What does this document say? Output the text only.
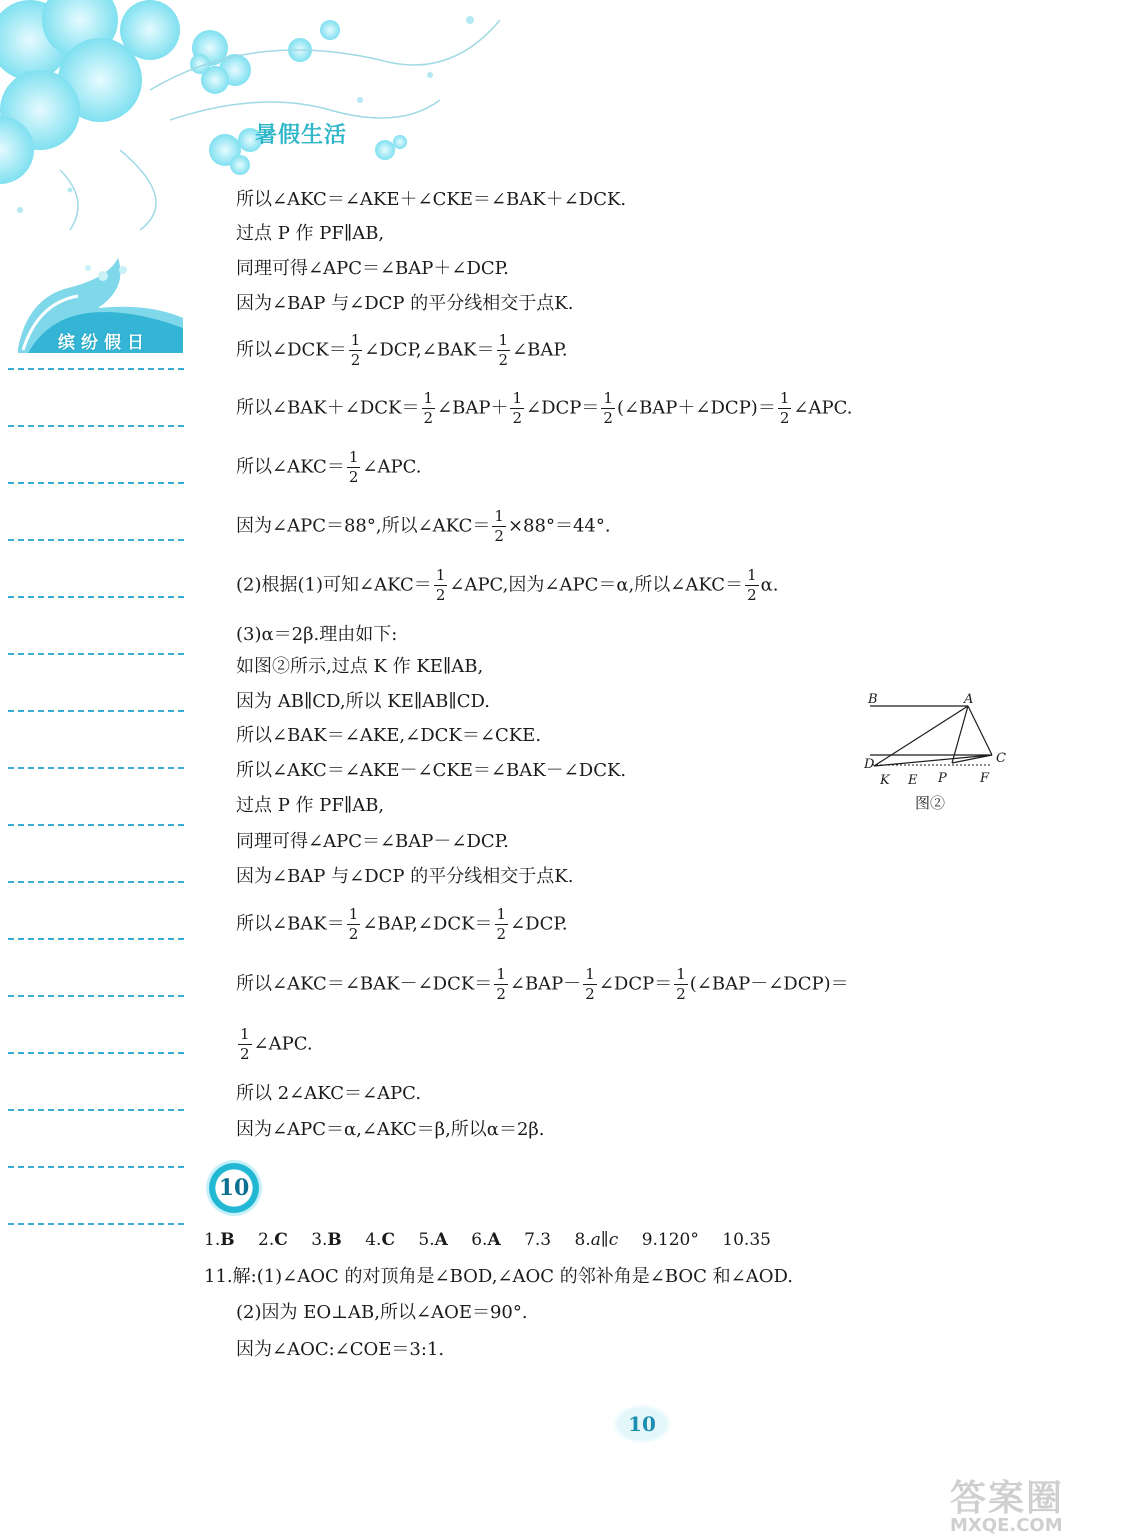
暑假生活
缤纷假日
所以∠AKC＝∠AKE＋∠CKE＝∠BAK＋∠DCK.
过点 P 作 PF∥AB,
同理可得∠APC＝∠BAP＋∠DCP.
因为∠BAP 与∠DCP 的平分线相交于点K.
所以∠DCK＝ $\frac{1}{2}$ ∠DCP,∠BAK＝ $\frac{1}{2}$ ∠BAP.
所以∠BAK＋∠DCK＝ $\frac{1}{2}$ ∠BAP＋ $\frac{1}{2}$ ∠DCP＝ $\frac{1}{2}$ (∠BAP＋∠DCP)＝ $\frac{1}{2}$ ∠APC.
所以∠AKC＝ $\frac{1}{2}$ ∠APC.
因为∠APC＝88°,所以∠AKC＝ $\frac{1}{2} \times 88^\circ=44^\circ$.
(2)根据(1)可知∠AKC＝ $\frac{1}{2}$ ∠APC,因为∠APC＝α,所以∠AKC＝ $\frac{1}{2} \alpha$.
(3)α＝2β.理由如下:
如图②所示,过点 K 作 KE∥AB,
因为 AB∥CD,所以 KE∥AB∥CD.
所以∠BAK＝∠AKE,∠DCK＝∠CKE.
所以∠AKC＝∠AKE－∠CKE＝∠BAK－∠DCK.
过点 P 作 PF∥AB,
同理可得∠APC＝∠BAP－∠DCP.
因为∠BAP 与∠DCP 的平分线相交于点K.
所以∠BAK＝ $\frac{1}{2}$ ∠BAP,∠DCK＝ $\frac{1}{2}$ ∠DCP.
所以∠AKC＝∠BAK－∠DCK＝ $\frac{1}{2}$ ∠BAP－ $\frac{1}{2}$ ∠DCP＝ $\frac{1}{2}$ (∠BAP－∠DCP)＝
$\frac{1}{2}$ ∠APC.
所以 2∠AKC＝∠APC.
因为∠APC＝α,∠AKC＝β,所以α＝2β.
B	A
C
D
K E P	F
图②
10
1.B 2.C 3.B 4.C 5.A 6.A 7.3 8.a∥c 9.120° 10.35
11.解:(1)∠AOC 的对顶角是∠BOD,∠AOC 的邻补角是∠BOC 和∠AOD.
(2)因为 EO⊥AB,所以∠AOE＝90°.
因为∠AOC:∠COE＝3:1.
10
答案圈
MXQE.COM
